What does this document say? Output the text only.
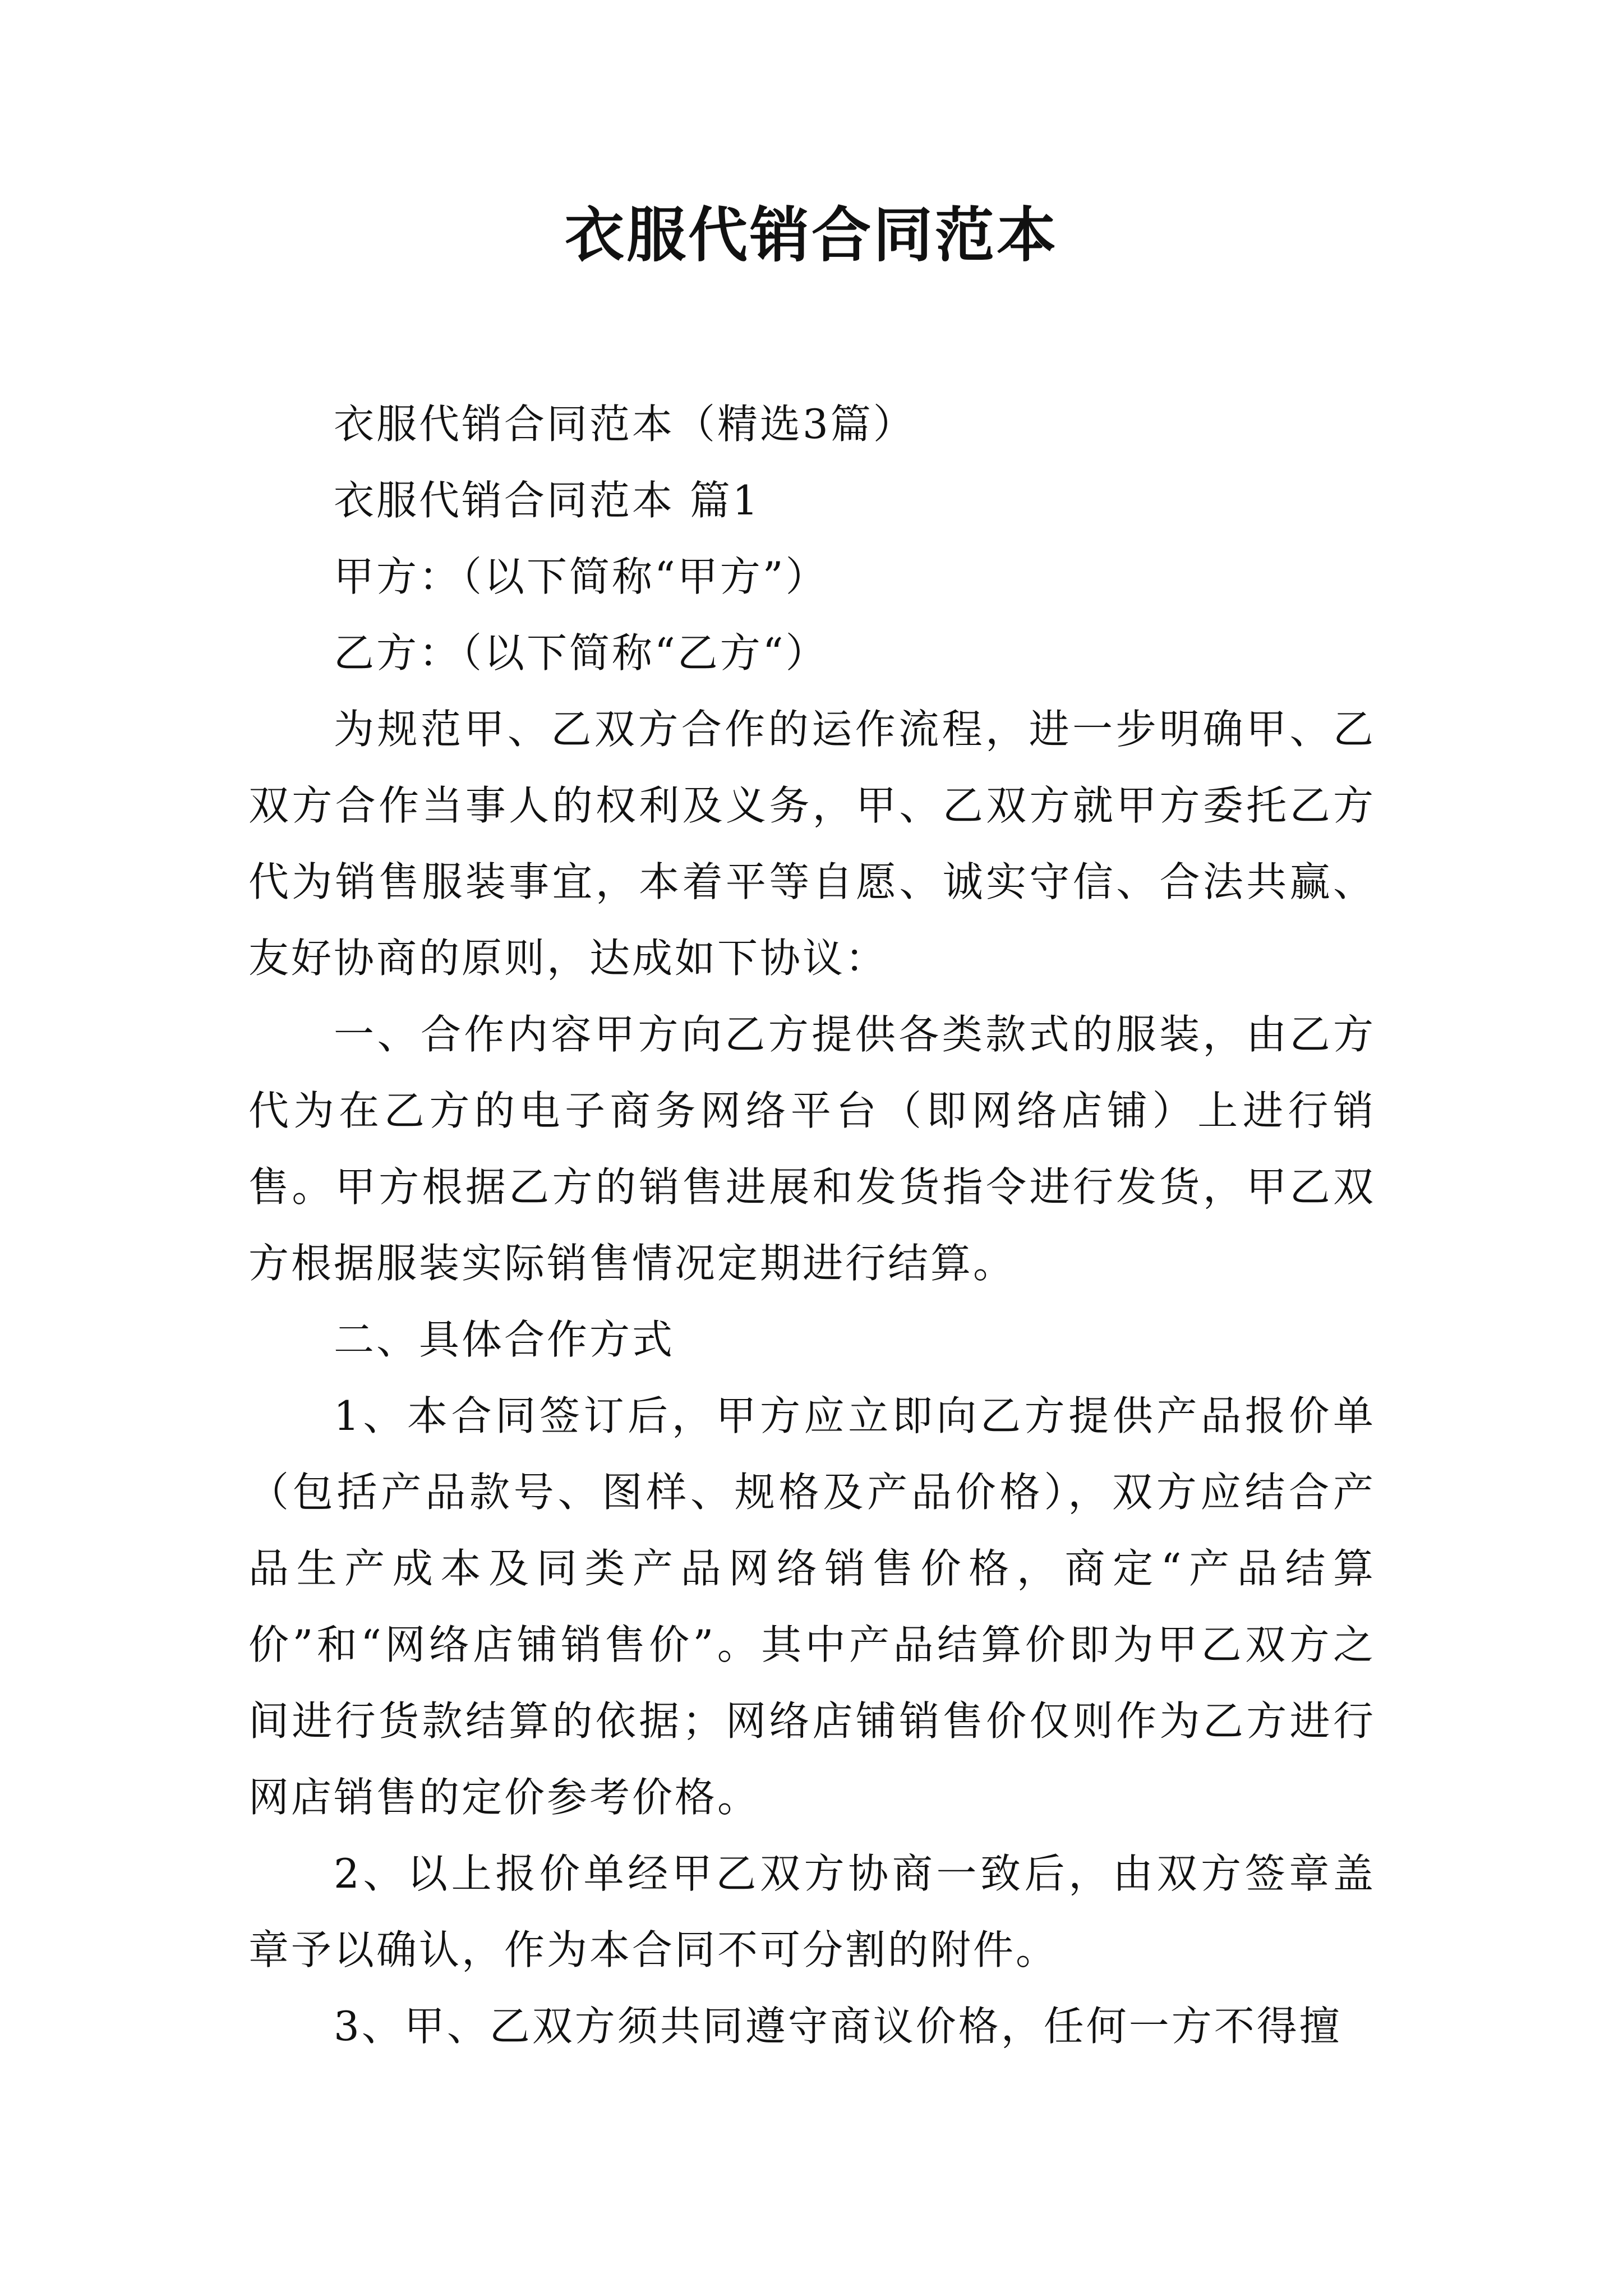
衣服代销合同范本

衣服代销合同范本（精选3篇）

衣服代销合同范本 篇1

甲方：（以下简称“甲方”）

乙方：（以下简称“乙方“）

为规范甲、乙双方合作的运作流程，进一步明确甲、乙双方合作当事人的权利及义务，甲、乙双方就甲方委托乙方代为销售服装事宜，本着平等自愿、诚实守信、合法共赢、友好协商的原则，达成如下协议：

一、合作内容甲方向乙方提供各类款式的服装，由乙方代为在乙方的电子商务网络平台（即网络店铺）上进行销售。甲方根据乙方的销售进展和发货指令进行发货，甲乙双方根据服装实际销售情况定期进行结算。

二、具体合作方式

1、本合同签订后，甲方应立即向乙方提供产品报价单（包括产品款号、图样、规格及产品价格），双方应结合产品生产成本及同类产品网络销售价格，商定“产品结算价”和“网络店铺销售价”。其中产品结算价即为甲乙双方之间进行货款结算的依据；网络店铺销售价仅则作为乙方进行网店销售的定价参考价格。

2、以上报价单经甲乙双方协商一致后，由双方签章盖章予以确认，作为本合同不可分割的附件。

3、甲、乙双方须共同遵守商议价格，任何一方不得擅
